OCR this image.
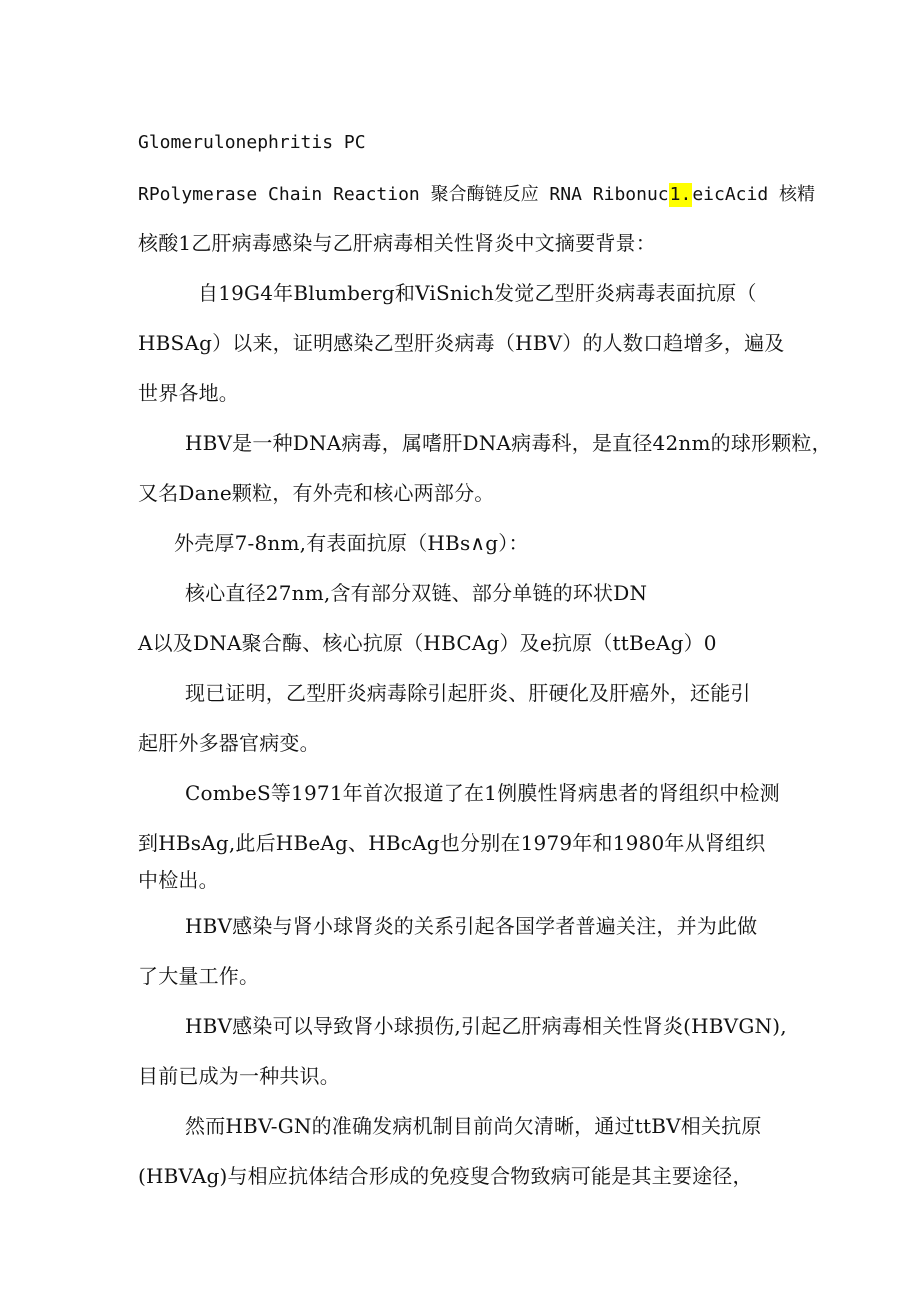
Glomerulonephritis PC
RPolymerase Chain Reaction 聚合酶链反应 RNA Ribonuc1.eicAcid 核精
核酸1乙肝病毒感染与乙肝病毒相关性肾炎中文摘要背景：
自19G4年Blumberg和ViSnich发觉乙型肝炎病毒表面抗原（
HBSAg）以来，证明感染乙型肝炎病毒（HBV）的人数口趋增多，遍及
世界各地。
HBV是一种DNA病毒，属嗜肝DNA病毒科，是直径42nm的球形颗粒，
又名Dane颗粒，有外壳和核心两部分。
外壳厚7-8nm,有表面抗原（HBs∧g）：
核心直径27nm,含有部分双链、部分单链的环状DN
A以及DNA聚合酶、核心抗原（HBCAg）及e抗原（ttBeAg）0
现已证明，乙型肝炎病毒除引起肝炎、肝硬化及肝癌外，还能引
起肝外多器官病变。
CombeS等1971年首次报道了在1例膜性肾病患者的肾组织中检测
到HBsAg,此后HBeAg、HBcAg也分别在1979年和1980年从肾组织
中检出。
HBV感染与肾小球肾炎的关系引起各国学者普遍关注，并为此做
了大量工作。
HBV感染可以导致肾小球损伤,引起乙肝病毒相关性肾炎(HBVGN),
目前已成为一种共识。
然而HBV-GN的准确发病机制目前尚欠清晰，通过ttBV相关抗原
(HBVAg)与相应抗体结合形成的免疫叟合物致病可能是其主要途径，
